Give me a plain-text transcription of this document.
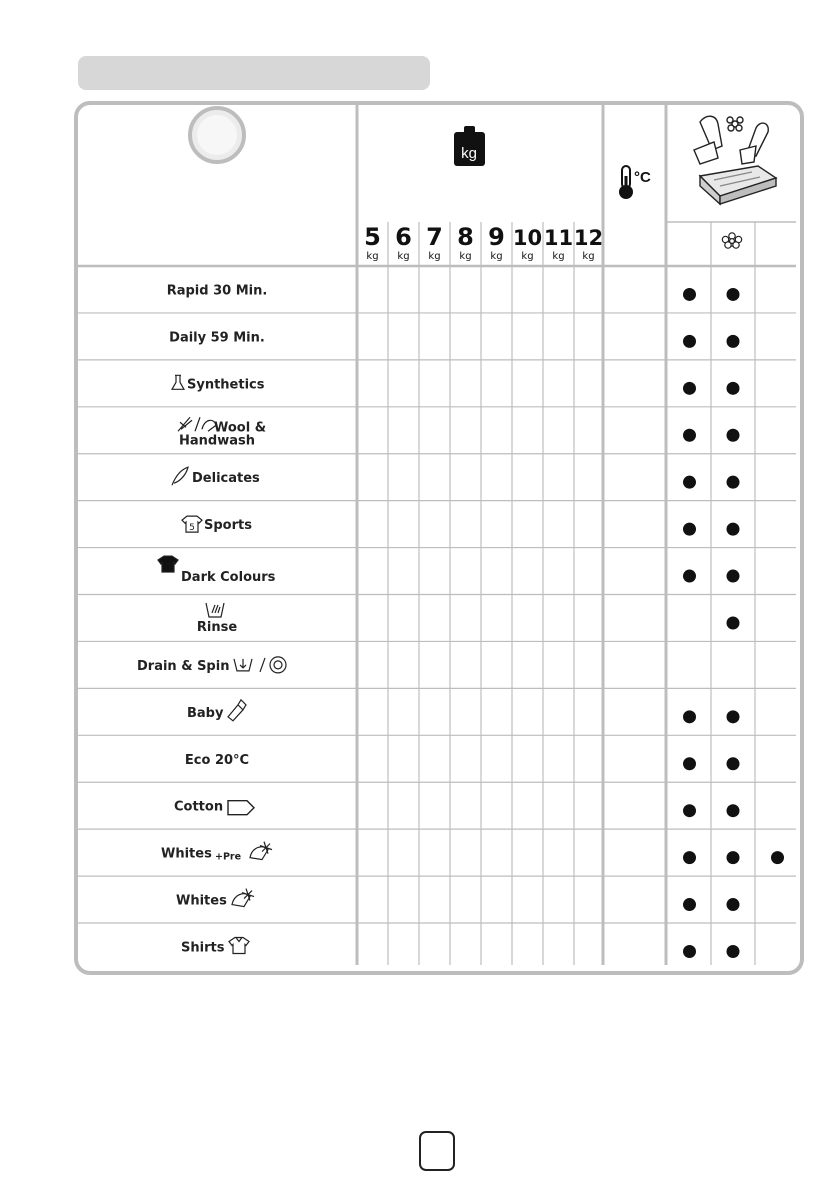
kg
°C
5
kg
6
kg
7
kg
8
kg
9
kg
10
kg
11
kg
12
kg
Rapid 30 Min.
Daily 59 Min.
Synthetics
Wool &
Handwash
Delicates
5 Sports
Dark Colours
Rinse
Drain & Spin
Baby
Eco 20°C
Cotton
Whites +Pre
Whites
Shirts
